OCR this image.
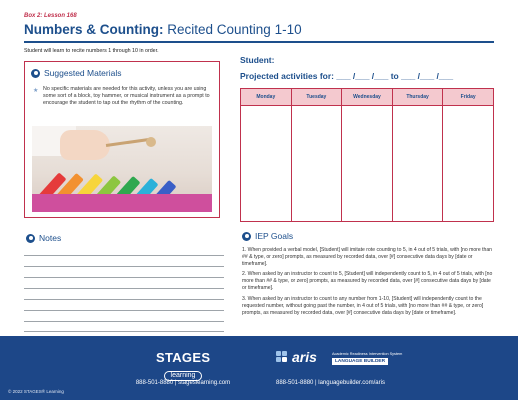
Box 2: Lesson 168
Numbers & Counting: Recited Counting 1-10
Student will learn to recite numbers 1 through 10 in order.
Suggested Materials
★ No specific materials are needed for this activity, unless you are using some sort of a block, toy hammer, or musical instrument as a prompt to encourage the student to tap out the rhythm of the counting.
Notes
Student:
Projected activities for: ___ /___ /___ to ___ /___ /___
Monday	Tuesday	Wednesday	Thursday	Friday

IEP Goals

1. When provided a verbal model, [Student] will imitate rote counting to 5, in 4 out of 5 trials, with [no more than ## & type, or zero] prompts, as measured by recorded data, over [#] consecutive data days by [date or timeframe].

2. When asked by an instructor to count to 5, [Student] will independently count to 5, in 4 out of 5 trials, with [no more than ## & type, or zero] prompts, as measured by recorded data, over [#] consecutive data days by [date or timeframe].

3. When asked by an instructor to count to any number from 1-10, [Student] will independently count to the requested number, without going past the number, in 4 out of 5 trials, with [no more than ## & type, or zero] prompts, as measured by recorded data, over [#] consecutive data days by [date or timeframe].

STAGES
learning
888-501-8880 | stageslearning.com
aris	Academic Readiness Intervention System
LANGUAGE BUILDER
888-501-8880 | languagebuilder.com/aris
© 2022 STAGES® Learning
